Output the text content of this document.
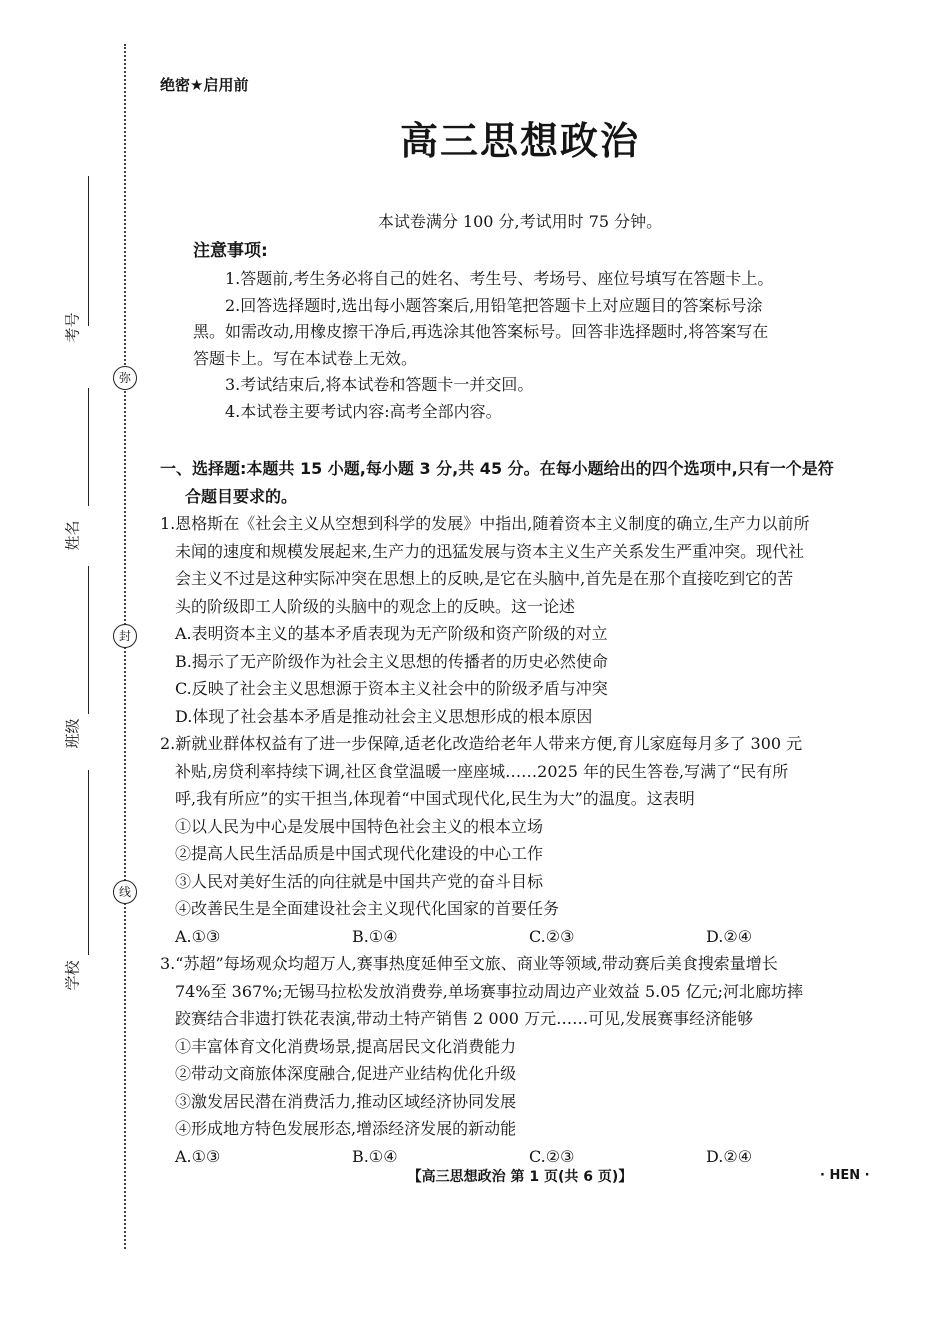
考号
弥
姓名
封
班级
线
学校
绝密★启用前
高三思想政治
本试卷满分 100 分,考试用时 75 分钟。
注意事项:

1.答题前,考生务必将自己的姓名、考生号、考场号、座位号填写在答题卡上。

2.回答选择题时,选出每小题答案后,用铅笔把答题卡上对应题目的答案标号涂

黑。如需改动,用橡皮擦干净后,再选涂其他答案标号。回答非选择题时,将答案写在

答题卡上。写在本试卷上无效。

3.考试结束后,将本试卷和答题卡一并交回。

4.本试卷主要考试内容:高考全部内容。

一、选择题:本题共 15 小题,每小题 3 分,共 45 分。在每小题给出的四个选项中,只有一个是符

合题目要求的。

1.恩格斯在《社会主义从空想到科学的发展》中指出,随着资本主义制度的确立,生产力以前所

未闻的速度和规模发展起来,生产力的迅猛发展与资本主义生产关系发生严重冲突。现代社

会主义不过是这种实际冲突在思想上的反映,是它在头脑中,首先是在那个直接吃到它的苦

头的阶级即工人阶级的头脑中的观念上的反映。这一论述

A.表明资本主义的基本矛盾表现为无产阶级和资产阶级的对立

B.揭示了无产阶级作为社会主义思想的传播者的历史必然使命

C.反映了社会主义思想源于资本主义社会中的阶级矛盾与冲突

D.体现了社会基本矛盾是推动社会主义思想形成的根本原因

2.新就业群体权益有了进一步保障,适老化改造给老年人带来方便,育儿家庭每月多了 300 元

补贴,房贷利率持续下调,社区食堂温暖一座座城……2025 年的民生答卷,写满了“民有所

呼,我有所应”的实干担当,体现着“中国式现代化,民生为大”的温度。这表明

①以人民为中心是发展中国特色社会主义的根本立场

②提高人民生活品质是中国式现代化建设的中心工作

③人民对美好生活的向往就是中国共产党的奋斗目标

④改善民生是全面建设社会主义现代化国家的首要任务

A.①③	B.①④	C.②③	D.②④

3.“苏超”每场观众均超万人,赛事热度延伸至文旅、商业等领域,带动赛后美食搜索量增长

74%至 367%;无锡马拉松发放消费券,单场赛事拉动周边产业效益 5.05 亿元;河北廊坊摔

跤赛结合非遗打铁花表演,带动土特产销售 2 000 万元……可见,发展赛事经济能够

①丰富体育文化消费场景,提高居民文化消费能力

②带动文商旅体深度融合,促进产业结构优化升级

③激发居民潜在消费活力,推动区域经济协同发展

④形成地方特色发展形态,增添经济发展的新动能

A.①③	B.①④	C.②③	D.②④
【高三思想政治 第 1 页(共 6 页)】	· HEN ·
